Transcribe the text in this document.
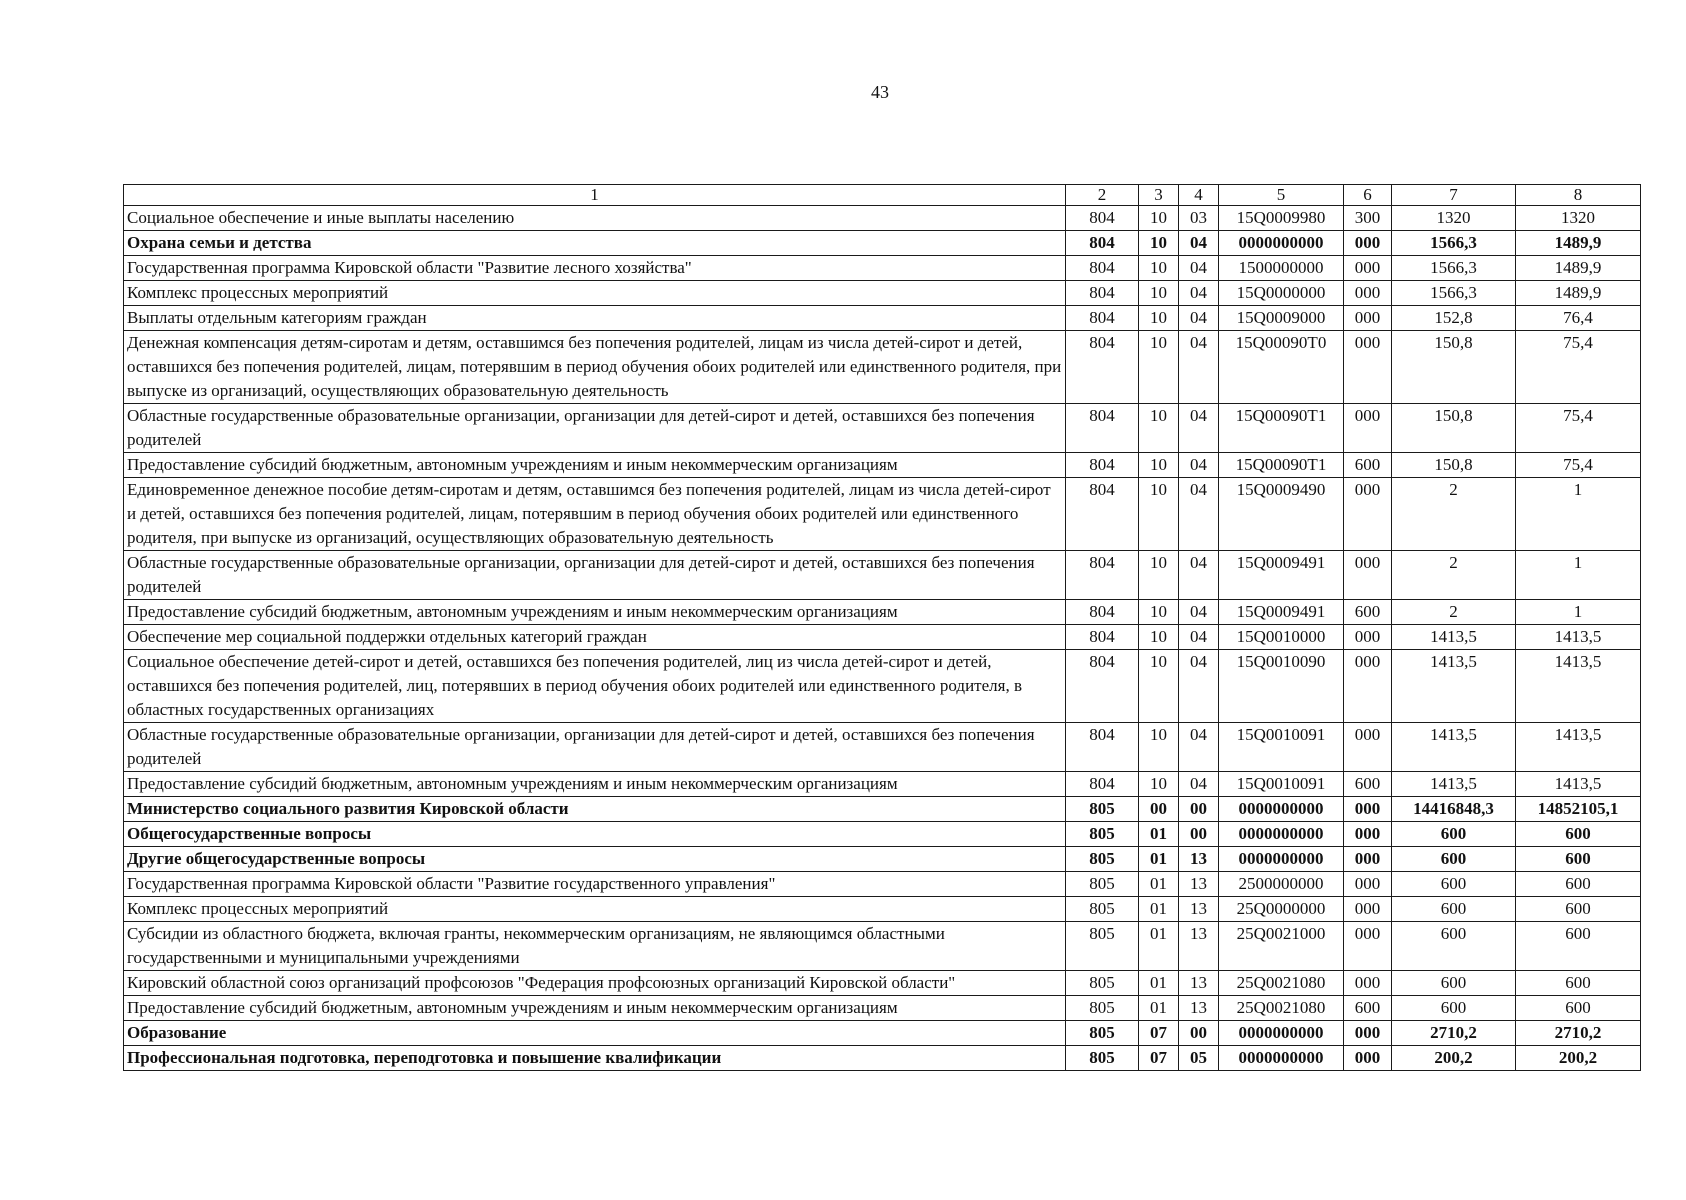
43
1	2	3	4	5	6	7	8
Социальное обеспечение и иные выплаты населению	804	10	03	15Q0009980	300	1320	1320
Охрана семьи и детства	804	10	04	0000000000	000	1566,3	1489,9
Государственная программа Кировской области "Развитие лесного хозяйства"	804	10	04	1500000000	000	1566,3	1489,9
Комплекс процессных мероприятий	804	10	04	15Q0000000	000	1566,3	1489,9
Выплаты отдельным категориям граждан	804	10	04	15Q0009000	000	152,8	76,4
Денежная компенсация детям-сиротам и детям, оставшимся без попечения родителей, лицам из числа детей-сирот и детей, оставшихся без попечения родителей, лицам, потерявшим в период обучения обоих родителей или единственного родителя, при выпуске из организаций, осуществляющих образовательную деятельность	804	10	04	15Q00090T0	000	150,8	75,4
Областные государственные образовательные организации, организации для детей-сирот и детей, оставшихся без попечения родителей	804	10	04	15Q00090T1	000	150,8	75,4
Предоставление субсидий бюджетным, автономным учреждениям и иным некоммерческим организациям	804	10	04	15Q00090T1	600	150,8	75,4
Единовременное денежное пособие детям-сиротам и детям, оставшимся без попечения родителей, лицам из числа детей-сирот и детей, оставшихся без попечения родителей, лицам, потерявшим в период обучения обоих родителей или единственного родителя, при выпуске из организаций, осуществляющих образовательную деятельность	804	10	04	15Q0009490	000	2	1
Областные государственные образовательные организации, организации для детей-сирот и детей, оставшихся без попечения родителей	804	10	04	15Q0009491	000	2	1
Предоставление субсидий бюджетным, автономным учреждениям и иным некоммерческим организациям	804	10	04	15Q0009491	600	2	1
Обеспечение мер социальной поддержки отдельных категорий граждан	804	10	04	15Q0010000	000	1413,5	1413,5
Социальное обеспечение детей-сирот и детей, оставшихся без попечения родителей, лиц из числа детей-сирот и детей, оставшихся без попечения родителей, лиц, потерявших в период обучения обоих родителей или единственного родителя, в областных государственных организациях	804	10	04	15Q0010090	000	1413,5	1413,5
Областные государственные образовательные организации, организации для детей-сирот и детей, оставшихся без попечения родителей	804	10	04	15Q0010091	000	1413,5	1413,5
Предоставление субсидий бюджетным, автономным учреждениям и иным некоммерческим организациям	804	10	04	15Q0010091	600	1413,5	1413,5
Министерство социального развития Кировской области	805	00	00	0000000000	000	14416848,3	14852105,1
Общегосударственные вопросы	805	01	00	0000000000	000	600	600
Другие общегосударственные вопросы	805	01	13	0000000000	000	600	600
Государственная программа Кировской области "Развитие государственного управления"	805	01	13	2500000000	000	600	600
Комплекс процессных мероприятий	805	01	13	25Q0000000	000	600	600
Субсидии из областного бюджета, включая гранты, некоммерческим организациям, не являющимся областными государственными и муниципальными учреждениями	805	01	13	25Q0021000	000	600	600
Кировский областной союз организаций профсоюзов "Федерация профсоюзных организаций Кировской области"	805	01	13	25Q0021080	000	600	600
Предоставление субсидий бюджетным, автономным учреждениям и иным некоммерческим организациям	805	01	13	25Q0021080	600	600	600
Образование	805	07	00	0000000000	000	2710,2	2710,2
Профессиональная подготовка, переподготовка и повышение квалификации	805	07	05	0000000000	000	200,2	200,2
